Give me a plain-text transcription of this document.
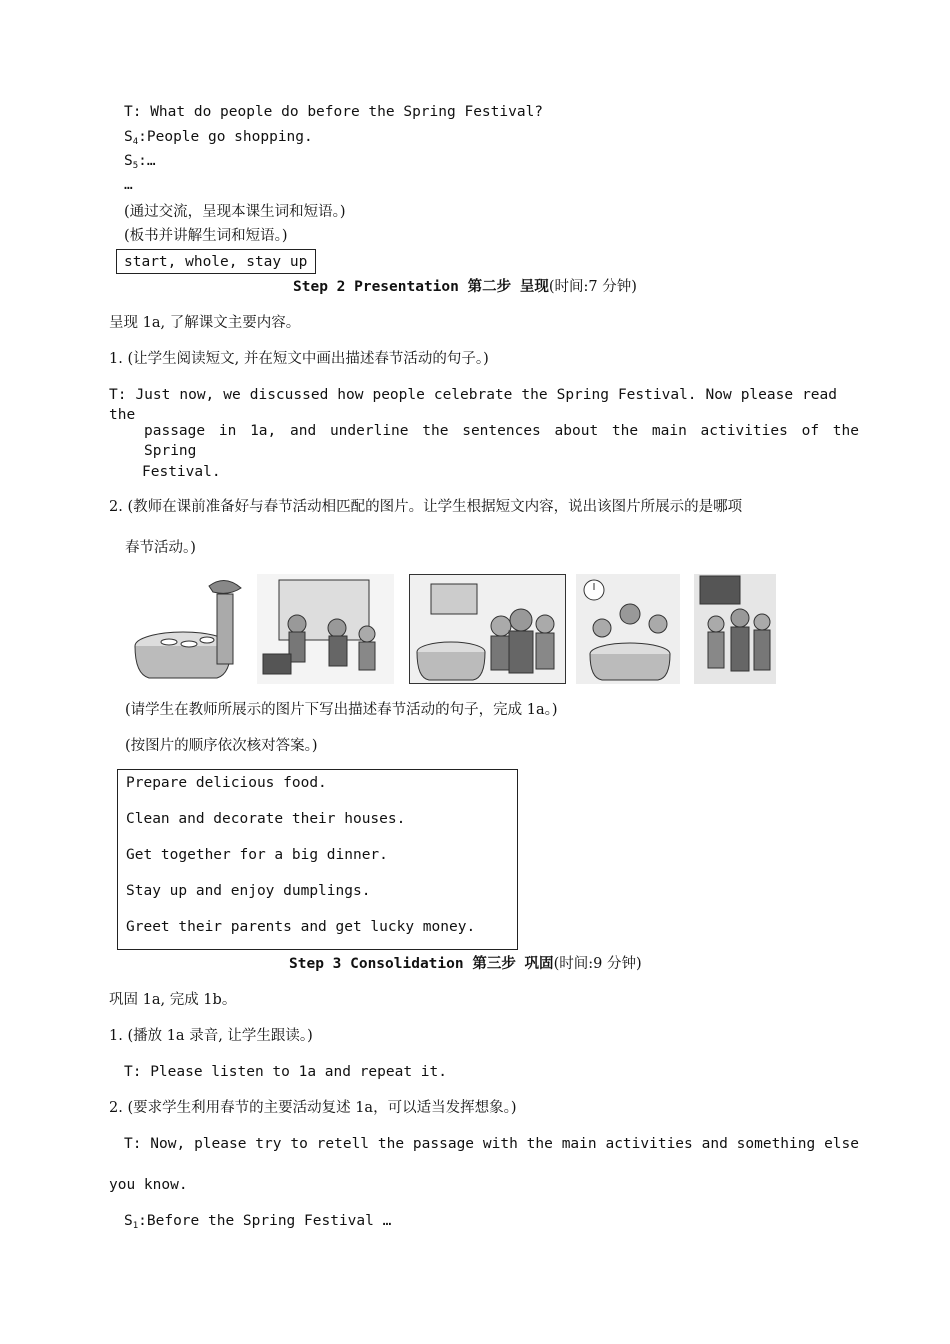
T: What do people do before the Spring Festival?
$S_4:People$ go shopping.
$S_5:\dots$
…
(通过交流，呈现本课生词和短语。)
(板书并讲解生词和短语。)
start, whole, stay up
Step 2 Presentation 第二步 呈现(时间:7 分钟)
呈现 1a, 了解课文主要内容。
1. (让学生阅读短文, 并在短文中画出描述春节活动的句子。)
T: Just now, we discussed how people celebrate the Spring Festival. Now please read the
passage in 1a, and underline the sentences about the main activities of the Spring
Festival.
2. (教师在课前准备好与春节活动相匹配的图片。让学生根据短文内容，说出该图片所展示的是哪项
春节活动。)
(请学生在教师所展示的图片下写出描述春节活动的句子，完成 1a。)
(按图片的顺序依次核对答案。)
Prepare delicious food.
Clean and decorate their houses.
Get together for a big dinner.
Stay up and enjoy dumplings.
Greet their parents and get lucky money.
Step 3 Consolidation 第三步 巩固(时间:9 分钟)
巩固 1a, 完成 1b。
1. (播放 1a 录音, 让学生跟读。)
T: Please listen to 1a and repeat it.
2. (要求学生利用春节的主要活动复述 1a，可以适当发挥想象。)
T: Now, please try to retell the passage with the main activities and something else
you know.
$S_1:Before$ the Spring Festival …
